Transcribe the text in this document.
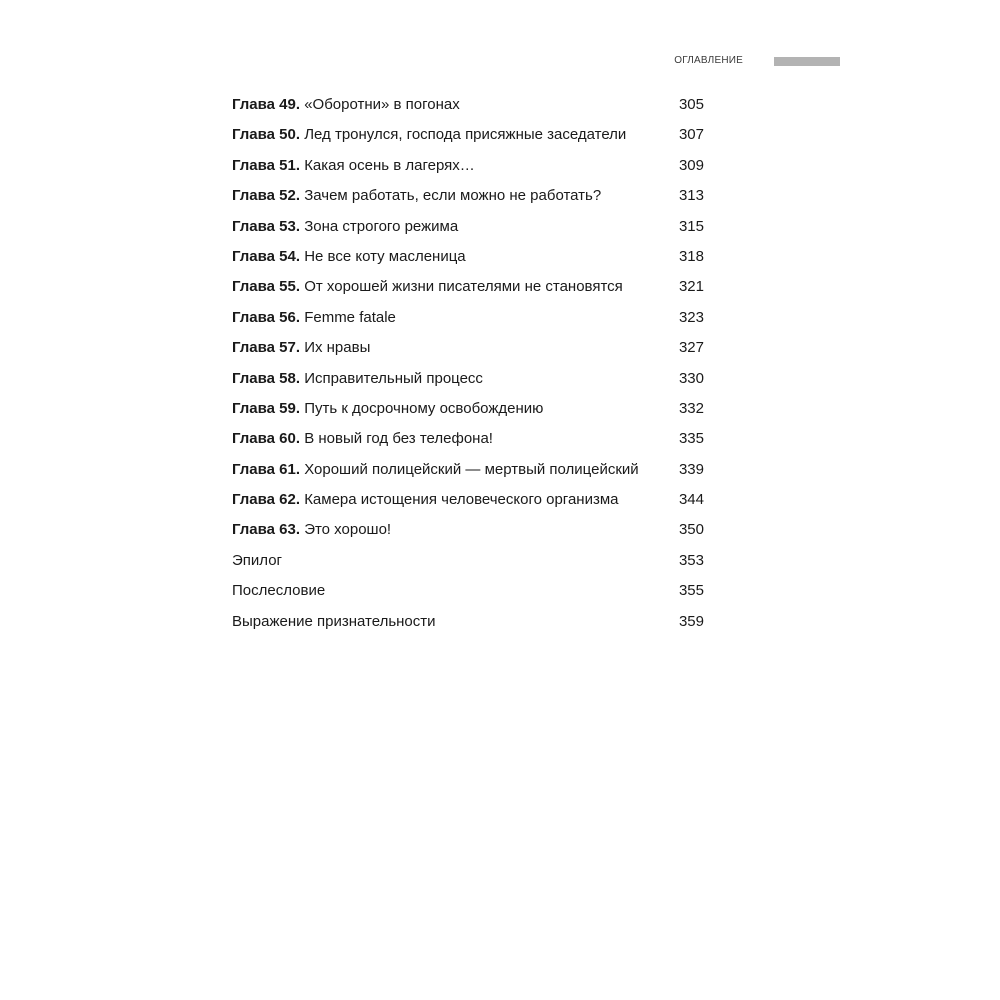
ОГЛАВЛЕНИЕ
Глава 49. «Оборотни» в погонах	305
Глава 50. Лед тронулся, господа присяжные заседатели	307
Глава 51. Какая осень в лагерях…	309
Глава 52. Зачем работать, если можно не работать?	313
Глава 53. Зона строгого режима	315
Глава 54. Не все коту масленица	318
Глава 55. От хорошей жизни писателями не становятся	321
Глава 56. Femme fatale	323
Глава 57. Их нравы	327
Глава 58. Исправительный процесс	330
Глава 59. Путь к досрочному освобождению	332
Глава 60. В новый год без телефона!	335
Глава 61. Хороший полицейский — мертвый полицейский	339
Глава 62. Камера истощения человеческого организма	344
Глава 63. Это хорошо!	350
Эпилог	353
Послесловие	355
Выражение признательности	359
